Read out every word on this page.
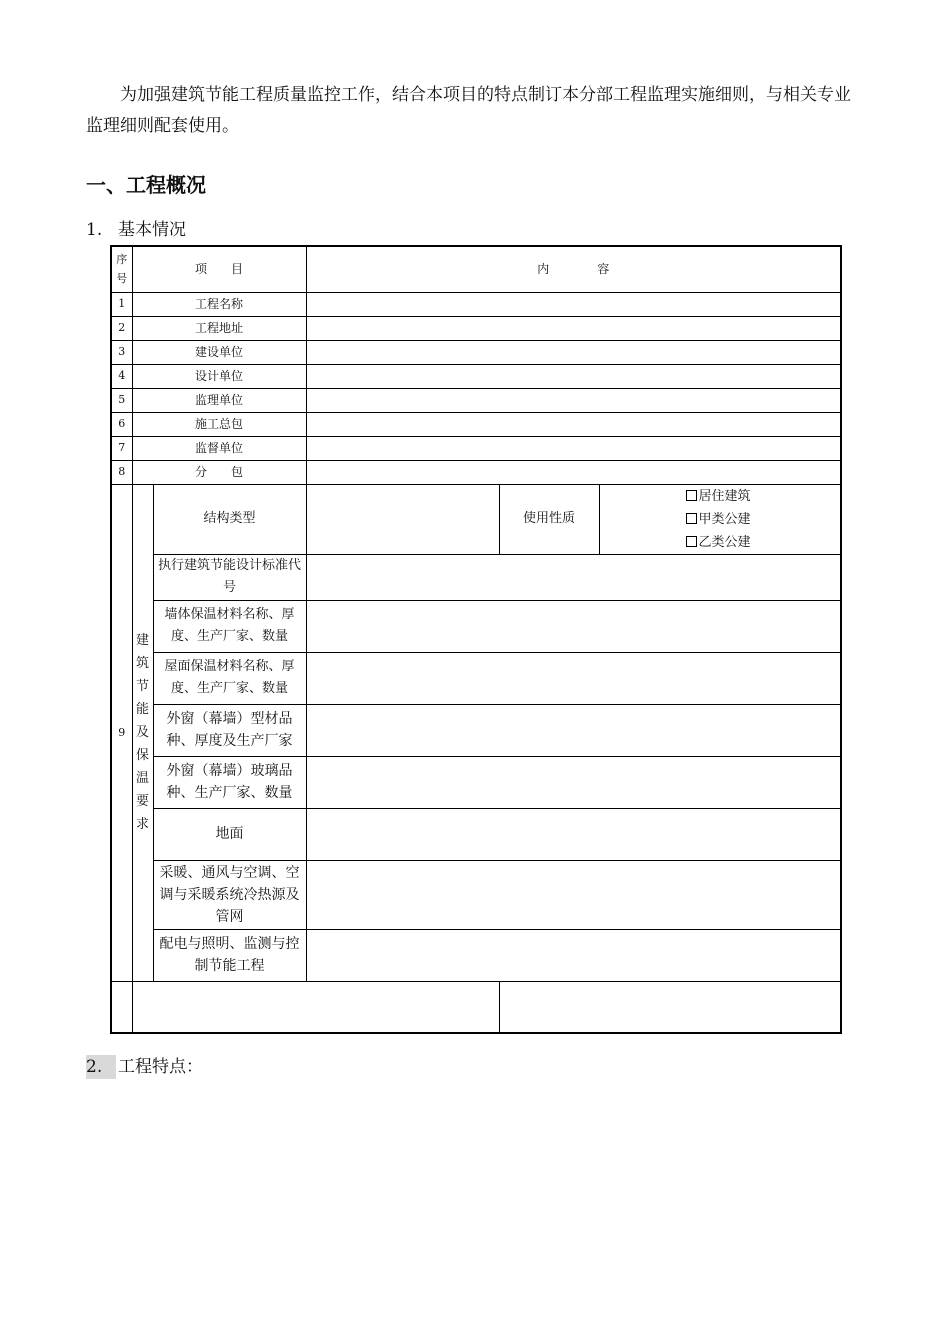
为加强建筑节能工程质量监控工作，结合本项目的特点制订本分部工程监理实施细则，与相关专业监理细则配套使用。

一、工程概况

1. 基本情况

序号	项　　目		内　　　　容		
1	工程名称				
2	工程地址				
3	建设单位				
4	设计单位				
5	监理单位				
6	施工总包				
7	监督单位				
8	分　　包				
9	建筑节能及保温要求	结构类型		使用性质	居住建筑
甲类公建
乙类公建

		执行建筑节能设计标准代号			
		墙体保温材料名称、厚度、生产厂家、数量			
		屋面保温材料名称、厚度、生产厂家、数量			
		外窗（幕墙）型材品种、厚度及生产厂家			
		外窗（幕墙）玻璃品种、生产厂家、数量			
		地面			
		采暖、通风与空调、空调与采暖系统冷热源及管网			
		配电与照明、监测与控制节能工程			

2. 工程特点：
